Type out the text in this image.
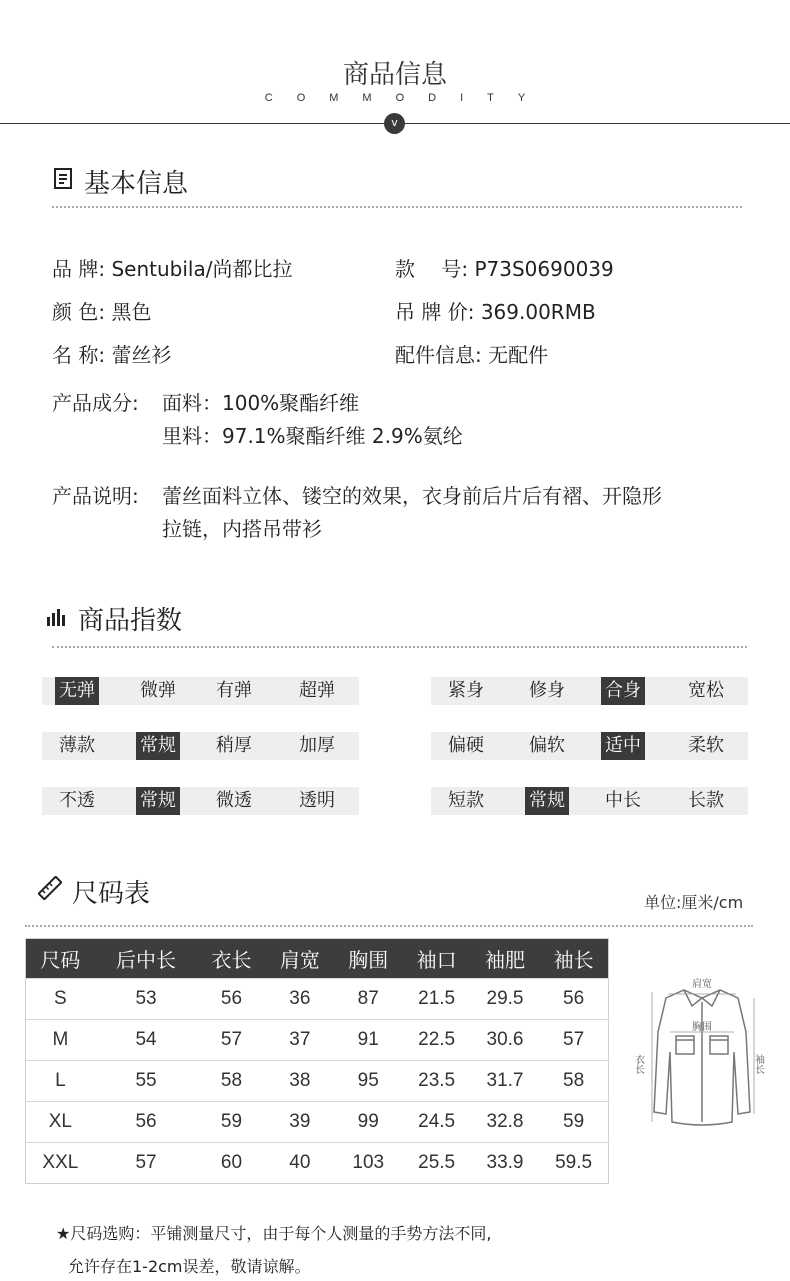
商品信息
COMMODITY
v
基本信息
品 牌: Sentubila/尚都比拉	款　 号: P73S0690039
颜 色: 黑色	吊 牌 价: 369.00RMB
名 称: 蕾丝衫	配件信息: 无配件
产品成分: 面料：100%聚酯纤维
里料：97.1%聚酯纤维 2.9%氨纶
产品说明: 蕾丝面料立体、镂空的效果，衣身前后片后有褶、开隐形
拉链，内搭吊带衫
商品指数
无弹	微弹 有弹	超弹	紧身	修身 合身	宽松
薄款	常规 稍厚	加厚	偏硬	偏软 适中	柔软
不透	常规 微透	透明	短款	常规 中长	长款
尺码表	单位:厘米/cm
尺码	后中长	衣长	肩宽	胸围	袖口	袖肥	袖长
S	53	56	36	87	21.5	29.5	56
M	54	57	37	91	22.5	30.6	57
L	55	58	38	95	23.5	31.7	58
XL	56	59	39	99	24.5	32.8	59
XXL	57	60	40	103	25.5	33.9	59.5
肩宽
胸围
衣长	袖长
★尺码选购：平铺测量尺寸，由于每个人测量的手势方法不同,
允许存在1-2cm误差，敬请谅解。
